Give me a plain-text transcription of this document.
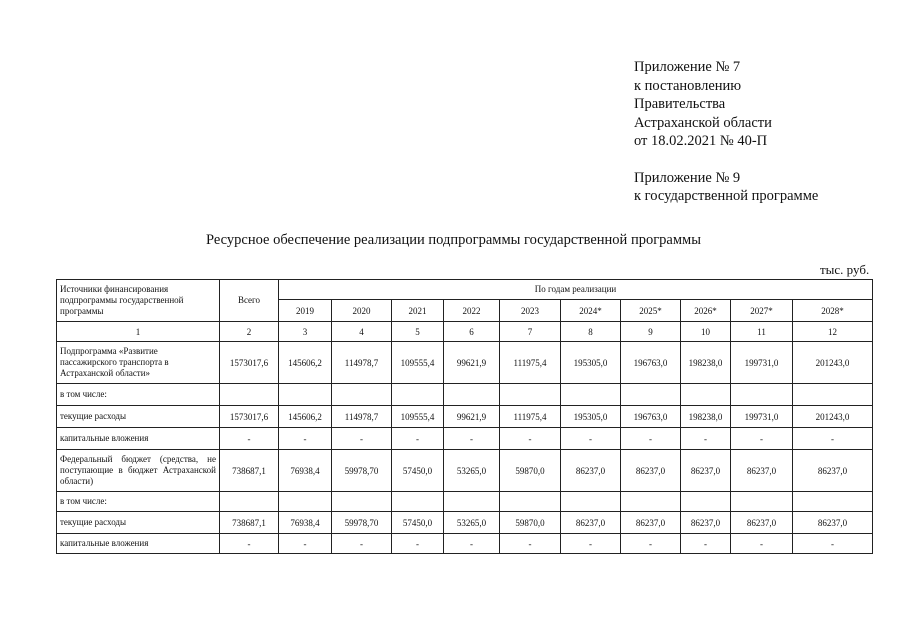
Приложение № 7
к постановлению
Правительства
Астраханской области
от 18.02.2021 № 40-П
Приложение № 9
к государственной программе
Ресурсное обеспечение реализации подпрограммы государственной программы
тыс. руб.
Источники финансирования подпрограммы государственной программы	Всего	По годам реализации									
		2019	2020	2021	2022	2023	2024*	2025*	2026*	2027*	2028*
1	2	3	4	5	6	7	8	9	10	11	12
Подпрограмма «Развитие пассажирского транспорта в Астраханской области»	1573017,6	145606,2	114978,7	109555,4	99621,9	111975,4	195305,0	196763,0	198238,0	199731,0	201243,0
в том числе:											
текущие расходы	1573017,6	145606,2	114978,7	109555,4	99621,9	111975,4	195305,0	196763,0	198238,0	199731,0	201243,0
капитальные вложения	-	-	-	-	-	-	-	-	-	-	-
Федеральный бюджет (средства, не поступающие в бюджет Астраханской области)	738687,1	76938,4	59978,70	57450,0	53265,0	59870,0	86237,0	86237,0	86237,0	86237,0	86237,0
в том числе:											
текущие расходы	738687,1	76938,4	59978,70	57450,0	53265,0	59870,0	86237,0	86237,0	86237,0	86237,0	86237,0
капитальные вложения	-	-	-	-	-	-	-	-	-	-	-
